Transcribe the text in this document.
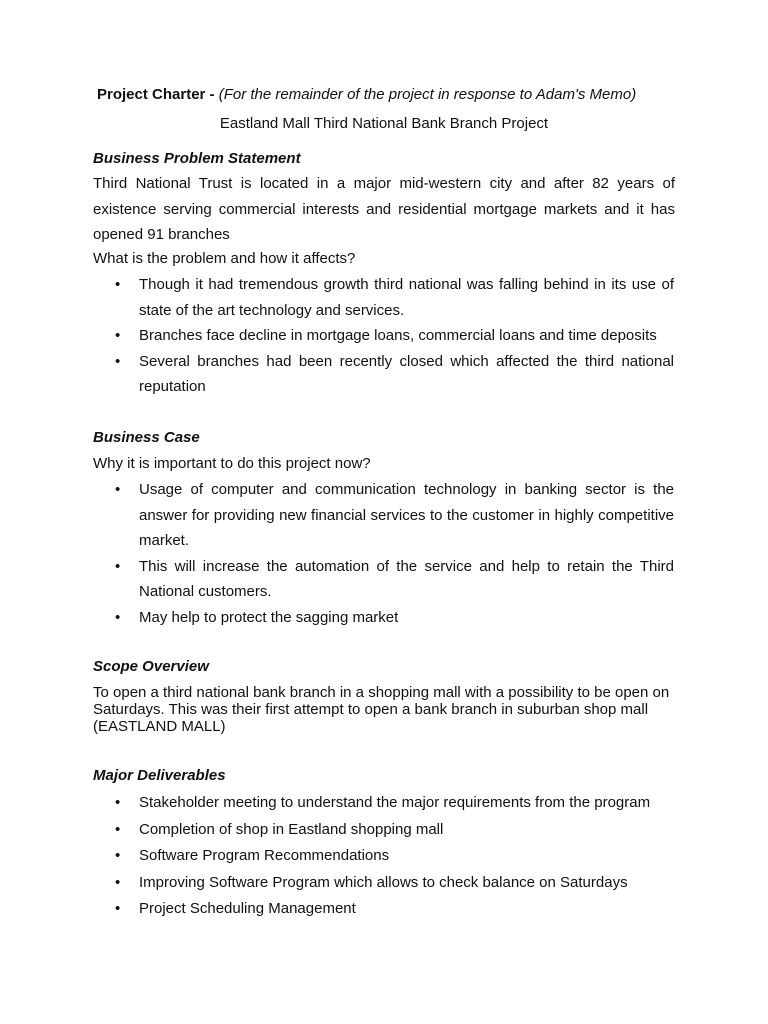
Project Charter - (For the remainder of the project in response to Adam's Memo)
Eastland Mall Third National Bank Branch Project
Business Problem Statement
Third National Trust is located in a major mid-western city and after 82 years of existence serving commercial interests and residential mortgage markets and it has opened 91 branches
What is the problem and how it affects?
• Though it had tremendous growth third national was falling behind in its use of state of the art technology and services.
• Branches face decline in mortgage loans, commercial loans and time deposits
• Several branches had been recently closed which affected the third national reputation
Business Case
Why it is important to do this project now?
• Usage of computer and communication technology in banking sector is the answer for providing new financial services to the customer in highly competitive market.
• This will increase the automation of the service and help to retain the Third National customers.
• May help to protect the sagging market
Scope Overview
To open a third national bank branch in a shopping mall with a possibility to be open on Saturdays. This was their first attempt to open a bank branch in suburban shop mall (EASTLAND MALL)
Major Deliverables
• Stakeholder meeting to understand the major requirements from the program
• Completion of shop in Eastland shopping mall
• Software Program Recommendations
• Improving Software Program which allows to check balance on Saturdays
• Project Scheduling Management
